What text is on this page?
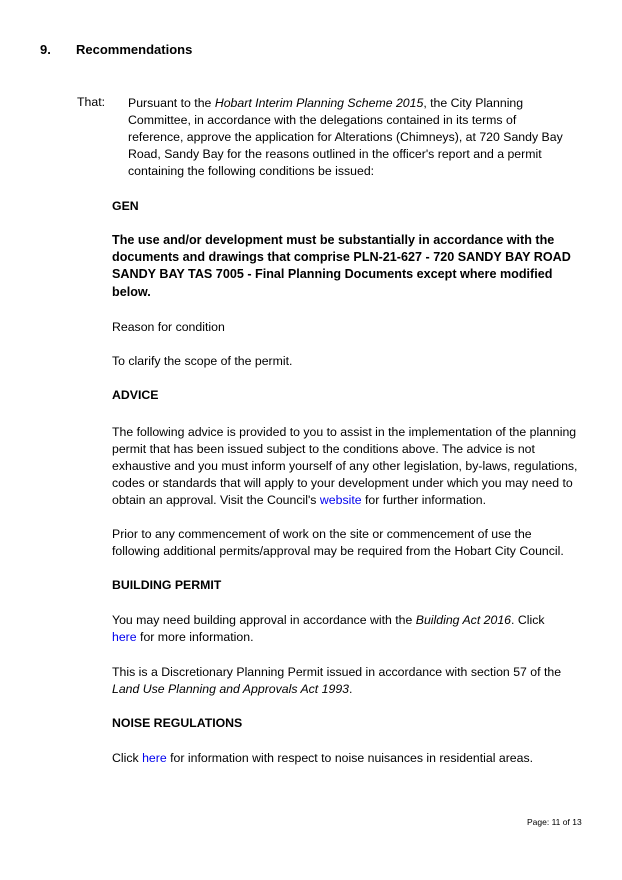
9. Recommendations
That: Pursuant to the Hobart Interim Planning Scheme 2015, the City Planning Committee, in accordance with the delegations contained in its terms of reference, approve the application for Alterations (Chimneys), at 720 Sandy Bay Road, Sandy Bay for the reasons outlined in the officer's report and a permit containing the following conditions be issued:
GEN
The use and/or development must be substantially in accordance with the documents and drawings that comprise PLN-21-627 - 720 SANDY BAY ROAD SANDY BAY TAS 7005 - Final Planning Documents except where modified below.
Reason for condition
To clarify the scope of the permit.
ADVICE
The following advice is provided to you to assist in the implementation of the planning permit that has been issued subject to the conditions above. The advice is not exhaustive and you must inform yourself of any other legislation, by-laws, regulations, codes or standards that will apply to your development under which you may need to obtain an approval. Visit the Council's website for further information.
Prior to any commencement of work on the site or commencement of use the following additional permits/approval may be required from the Hobart City Council.
BUILDING PERMIT
You may need building approval in accordance with the Building Act 2016. Click
here for more information.
This is a Discretionary Planning Permit issued in accordance with section 57 of the Land Use Planning and Approvals Act 1993.
NOISE REGULATIONS
Click here for information with respect to noise nuisances in residential areas.
Page: 11 of 13
